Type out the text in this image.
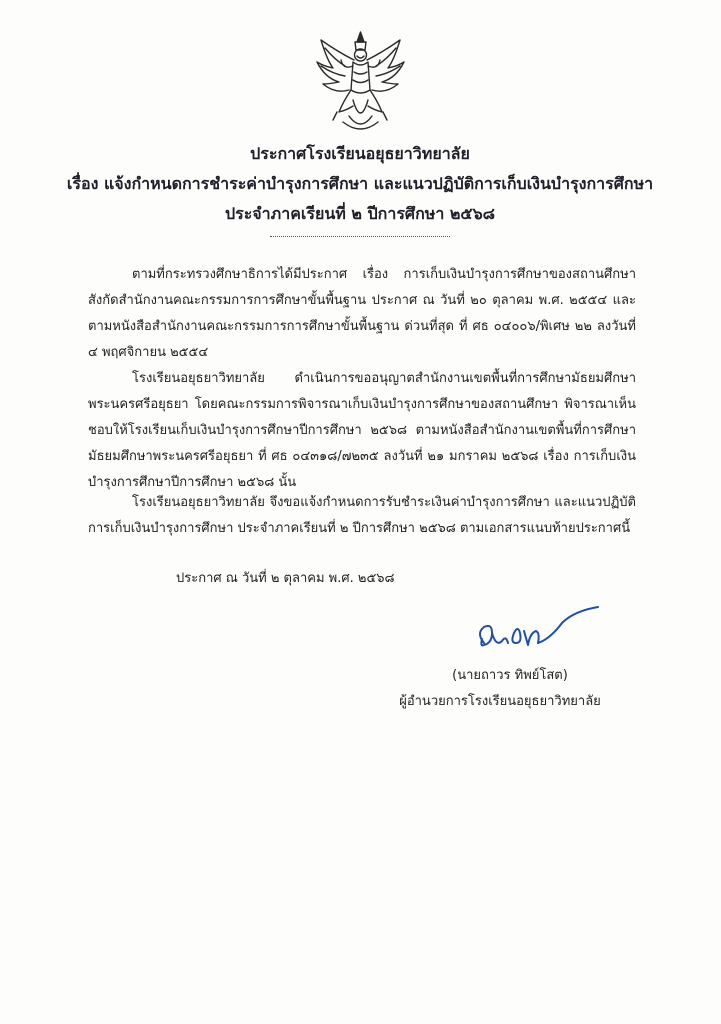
ประกาศโรงเรียนอยุธยาวิทยาลัย
เรื่อง แจ้งกำหนดการชำระค่าบำรุงการศึกษา และแนวปฏิบัติการเก็บเงินบำรุงการศึกษา
ประจำภาคเรียนที่ ๒ ปีการศึกษา ๒๕๖๘
ตามที่กระทรวงศึกษาธิการได้มีประกาศ เรื่อง การเก็บเงินบำรุงการศึกษาของสถานศึกษา สังกัดสำนักงานคณะกรรมการการศึกษาขั้นพื้นฐาน ประกาศ ณ วันที่ ๒๐ ตุลาคม พ.ศ. ๒๕๕๔ และตามหนังสือสำนักงานคณะกรรมการการศึกษาขั้นพื้นฐาน ด่วนที่สุด ที่ ศธ ๐๔๐๐๖/พิเศษ ๒๒ ลงวันที่ ๔ พฤศจิกายน ๒๕๕๔
โรงเรียนอยุธยาวิทยาลัย ดำเนินการขออนุญาตสำนักงานเขตพื้นที่การศึกษามัธยมศึกษาพระนครศรีอยุธยา โดยคณะกรรมการพิจารณาเก็บเงินบำรุงการศึกษาของสถานศึกษา พิจารณาเห็นชอบให้โรงเรียนเก็บเงินบำรุงการศึกษาปีการศึกษา ๒๕๖๘ ตามหนังสือสำนักงานเขตพื้นที่การศึกษามัธยมศึกษาพระนครศรีอยุธยา ที่ ศธ ๐๔๓๑๘/๗๒๓๕ ลงวันที่ ๒๑ มกราคม ๒๕๖๘ เรื่อง การเก็บเงินบำรุงการศึกษาปีการศึกษา ๒๕๖๘ นั้น
โรงเรียนอยุธยาวิทยาลัย จึงขอแจ้งกำหนดการรับชำระเงินค่าบำรุงการศึกษา และแนวปฏิบัติการเก็บเงินบำรุงการศึกษา ประจำภาคเรียนที่ ๒ ปีการศึกษา ๒๕๖๘ ตามเอกสารแนบท้ายประกาศนี้
ประกาศ ณ วันที่ ๒ ตุลาคม พ.ศ. ๒๕๖๘
(นายถาวร ทิพย์โสต)
ผู้อำนวยการโรงเรียนอยุธยาวิทยาลัย
